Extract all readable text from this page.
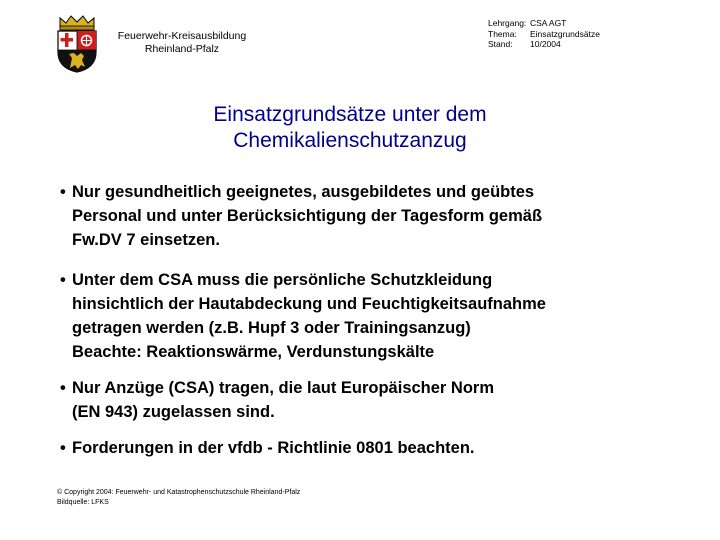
Feuerwehr-Kreisausbildung
Rheinland-Pfalz
Lehrgang: CSA AGT
Thema: Einsatzgrundsätze
Stand: 10/2004
Einsatzgrundsätze unter dem
Chemikalienschutzanzug
• Nur gesundheitlich geeignetes, ausgebildetes und geübtes
Personal und unter Berücksichtigung der Tagesform gemäß
Fw.DV 7 einsetzen.
• Unter dem CSA muss die persönliche Schutzkleidung
hinsichtlich der Hautabdeckung und Feuchtigkeitsaufnahme
getragen werden (z.B. Hupf 3 oder Trainingsanzug)
Beachte: Reaktionswärme, Verdunstungskälte
• Nur Anzüge (CSA) tragen, die laut Europäischer Norm
(EN 943) zugelassen sind.
• Forderungen in der vfdb - Richtlinie 0801 beachten.
© Copyright 2004: Feuerwehr- und Katastrophenschutzschule Rheinland-Pfalz
Bildquelle: LFKS
